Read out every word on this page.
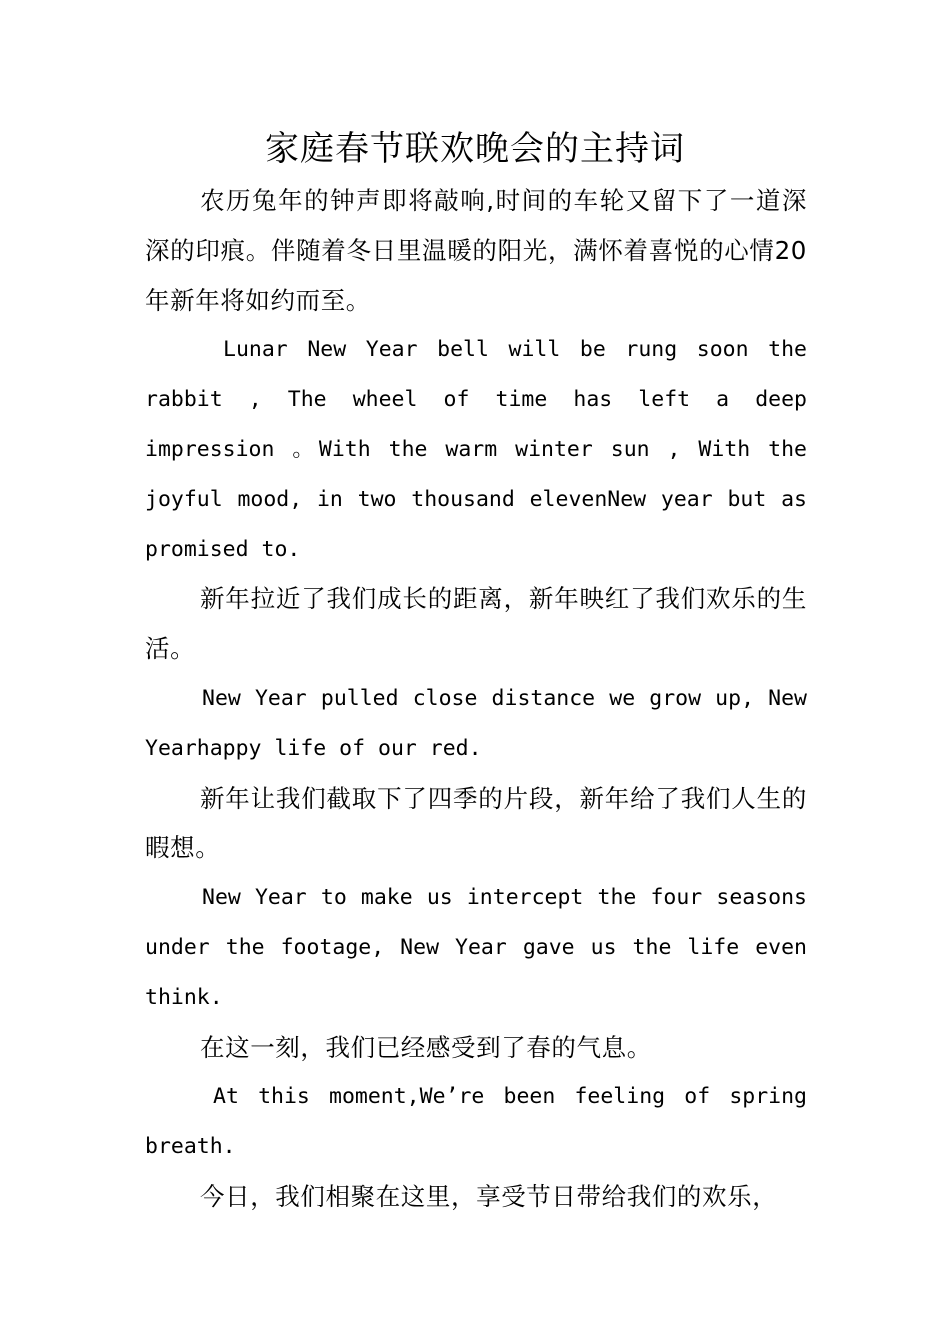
家庭春节联欢晚会的主持词

农历兔年的钟声即将敲响,时间的车轮又留下了一道深深的印痕。伴随着冬日里温暖的阳光，满怀着喜悦的心情20年新年将如约而至。

Lunar New Year bell will be rung soon the rabbit , The wheel of time has left a deep impression 。With the warm winter sun , With the joyful mood, in two thousand elevenNew year but as promised to.

新年拉近了我们成长的距离，新年映红了我们欢乐的生活。

New Year pulled close distance we grow up, New Yearhappy life of our red.

新年让我们截取下了四季的片段，新年给了我们人生的暇想。

New Year to make us intercept the four seasons under the footage, New Year gave us the life even think.

在这一刻，我们已经感受到了春的气息。

At this moment,We’re been feeling of spring breath.

今日，我们相聚在这里，享受节日带给我们的欢乐，
